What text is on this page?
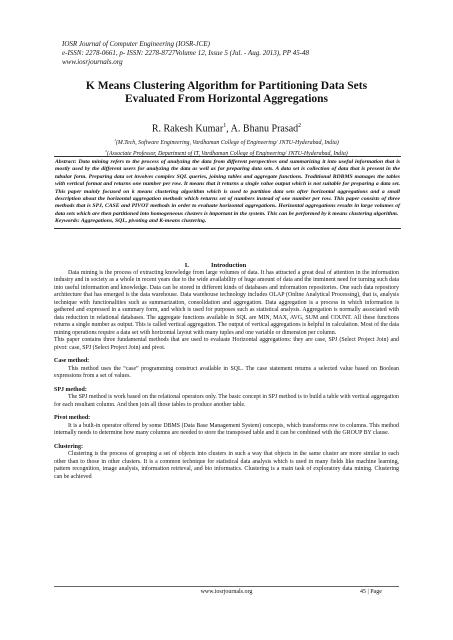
IOSR Journal of Computer Engineering (IOSR-JCE)
e-ISSN: 2278-0661, p- ISSN: 2278-8727Volume 12, Issue 5 (Jul. - Aug. 2013), PP 45-48
www.iosrjournals.org
K Means Clustering Algorithm for Partitioning Data Sets
Evaluated From Horizontal Aggregations
R. Rakesh Kumar$^1$, A. Bhanu Prasad$^2$
$^1$(M.Tech, Software Engineering, Vardhaman College of Engineering/ JNTU-Hyderabad, India)
$^2$(Associate Professor, Department of IT, Vardhaman College of Engineering/ JNTU-Hyderabad, India)
Abstract: Data mining refers to the process of analyzing the data from different perspectives and summarizing it into useful information that is mostly used by the different users for analyzing the data as well as for preparing data sets. A data set is collection of data that is present in the tabular form. Preparing data set involves complex SQL queries, joining tables and aggregate functions. Traditional RDBMS manages the tables with vertical format and returns one number per row. It means that it returns a single value output which is not suitable for preparing a data set. This paper mainly focused on k means clustering algorithm which is used to partition data sets after horizontal aggregations and a small description about the horizontal aggregation methods which returns set of numbers instead of one number per row. This paper consists of three methods that is SPJ, CASE and PIVOT methods in order to evaluate horizontal aggregations. Horizontal aggregations results in large volumes of data sets which are then partitioned into homogeneous clusters is important in the system. This can be performed by k means clustering algorithm.
Keywords: Aggregations, SQL, pivoting and K-means clustering.
I.	Introduction

Data mining is the process of extracting knowledge from large volumes of data. It has attracted a great deal of attention in the information industry and in society as a whole in recent years due to the wide availability of huge amount of data and the imminent need for turning such data into useful information and knowledge. Data can be stored in different kinds of databases and information repositories. One such data repository architecture that has emerged is the data warehouse. Data warehouse technology includes OLAP (Online Analytical Processing), that is, analysis technique with functionalities such as summarization, consolidation and aggregation. Data aggregation is a process in which information is gathered and expressed in a summary form, and which is used for purposes such as statistical analysis. Aggregation is normally associated with data reduction in relational databases. The aggregate functions available in SQL are MIN, MAX, AVG, SUM and COUNT. All these functions returns a single number as output. This is called vertical aggregation. The output of vertical aggregations is helpful in calculation. Most of the data mining operations require a data set with horizontal layout with many tuples and one variable or dimension per column.

This paper contains three fundamental methods that are used to evaluate Horizontal aggregations: they are case, SPJ (Select Project Join) and pivot: case, SPJ (Select Project Join) and pivot.

Case method:

This method uses the “case” programming construct available in SQL. The case statement returns a selected value based on Boolean expressions from a set of values.

SPJ method:

The SPJ method is work based on the relational operators only. The basic concept in SPJ method is to build a table with vertical aggregation for each resultant column. And then join all those tables to produce another table.

Pivot method:

It is a built-in operator offered by some DBMS (Data Base Management System) concepts, which transforms row to columns. This method internally needs to determine how many columns are needed to store the transposed table and it can be combined with the GROUP BY clause.

Clustering:

Clustering is the process of grouping a set of objects into clusters in such a way that objects in the same cluster are more similar to each other than to those in other clusters. It is a common technique for statistical data analysis which is used in many fields like machine learning, pattern recognition, image analysis, information retrieval, and bio informatics. Clustering is a main task of exploratory data mining. Clustering can be achieved

www.iosrjournals.org	45 | Page
